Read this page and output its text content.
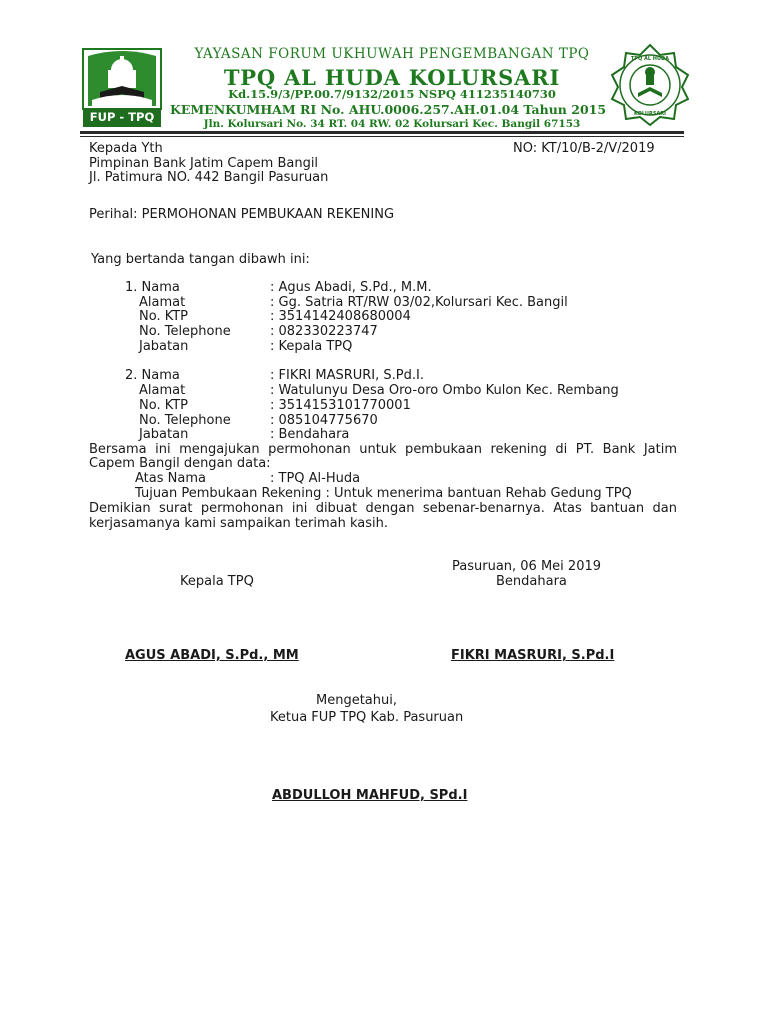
FUP - TPQ
YAYASAN FORUM UKHUWAH PENGEMBANGAN TPQ
TPQ AL HUDA KOLURSARI
Kd.15.9/3/PP.00.7/9132/2015 NSPQ 411235140730
KEMENKUMHAM RI No. AHU.0006.257.AH.01.04 Tahun 2015
Jln. Kolursari No. 34 RT. 04 RW. 02 Kolursari Kec. Bangil 67153
TPQ AL HUDA
KOLURSARI
Kepada Yth	NO: KT/10/B-2/V/2019
Pimpinan Bank Jatim Capem Bangil
Jl. Patimura NO. 442 Bangil Pasuruan
Perihal: PERMOHONAN PEMBUKAAN REKENING
Yang bertanda tangan dibawh ini:
1. Nama	: Agus Abadi, S.Pd., M.M.
Alamat	: Gg. Satria RT/RW 03/02,Kolursari Kec. Bangil
No. KTP	: 3514142408680004
No. Telephone	: 082330223747
Jabatan	: Kepala TPQ
2. Nama	: FIKRI MASRURI, S.Pd.I.
Alamat	: Watulunyu Desa Oro-oro Ombo Kulon Kec. Rembang
No. KTP	: 3514153101770001
No. Telephone	: 085104775670
Jabatan	: Bendahara
Bersama ini mengajukan permohonan untuk pembukaan rekening di PT. Bank Jatim
Capem Bangil dengan data:
Atas Nama	: TPQ Al-Huda
Tujuan Pembukaan Rekening : Untuk menerima bantuan Rehab Gedung TPQ
Demikian surat permohonan ini dibuat dengan sebenar-benarnya. Atas bantuan dan
kerjasamanya kami sampaikan terimah kasih.
Pasuruan, 06 Mei 2019
Kepala TPQ	Bendahara
AGUS ABADI, S.Pd., MM	FIKRI MASRURI, S.Pd.I
Mengetahui,
Ketua FUP TPQ Kab. Pasuruan
ABDULLOH MAHFUD, SPd.I
